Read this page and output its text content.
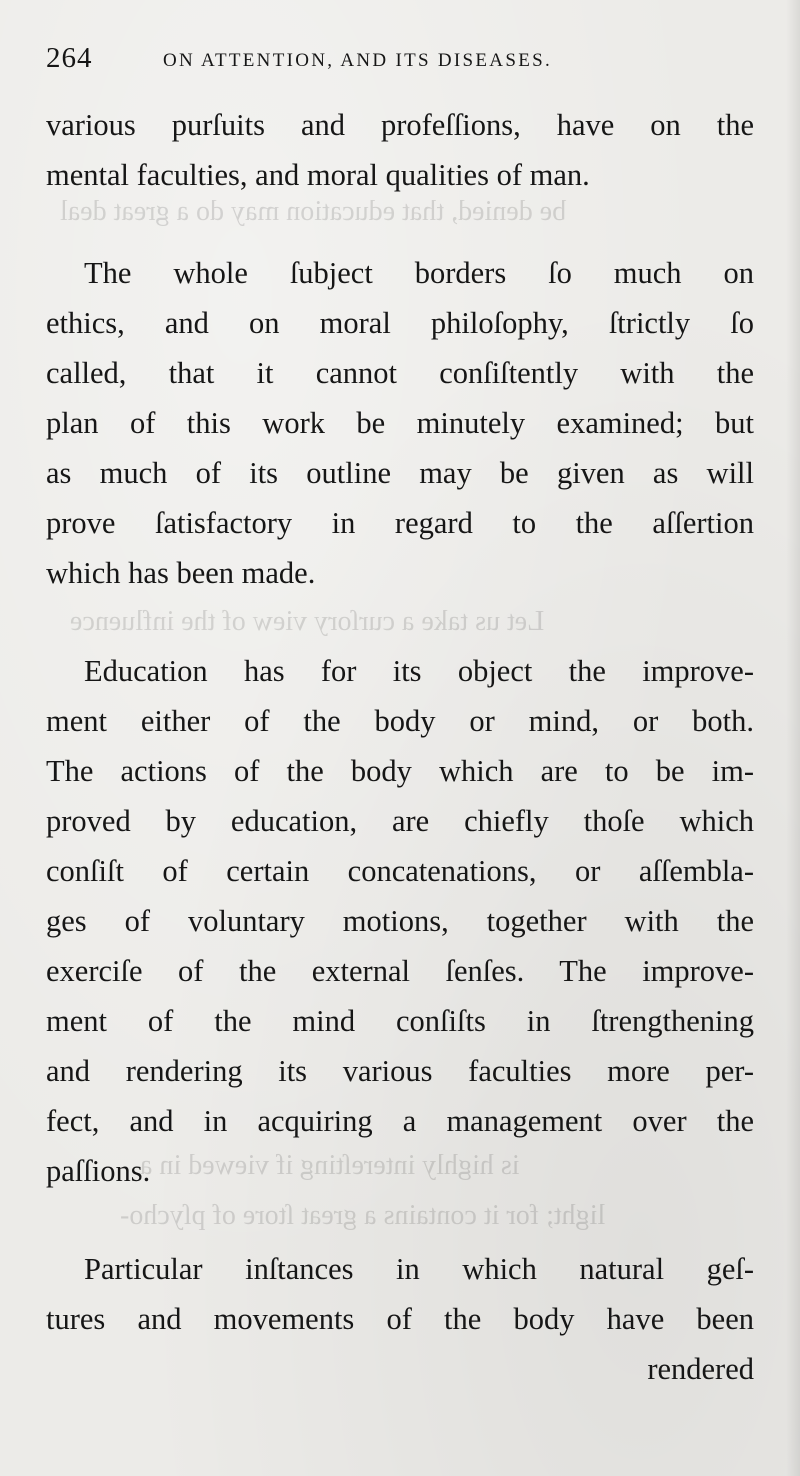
be denied, that education may do a great deal
Let us take a curſory view of the influence
is highly intereſting if viewed in a
light; for it contains a great ſtore of pſycho-
264	ON ATTENTION, AND ITS DISEASES.
various purſuits and profeſſions, have on the
mental faculties, and moral qualities of man.
The whole ſubject borders ſo much on
ethics, and on moral philoſophy, ſtrictly ſo
called, that it cannot conſiſtently with the
plan of this work be minutely examined; but
as much of its outline may be given as will
prove ſatisfactory in regard to the aſſertion
which has been made.
Education has for its object the improve-
ment either of the body or mind, or both.
The actions of the body which are to be im-
proved by education, are chiefly thoſe which
conſiſt of certain concatenations, or aſſembla-
ges of voluntary motions, together with the
exerciſe of the external ſenſes. The improve-
ment of the mind conſiſts in ſtrengthening
and rendering its various faculties more per-
fect, and in acquiring a management over the
paſſions.
Particular inſtances in which natural geſ-
tures and movements of the body have been
rendered
